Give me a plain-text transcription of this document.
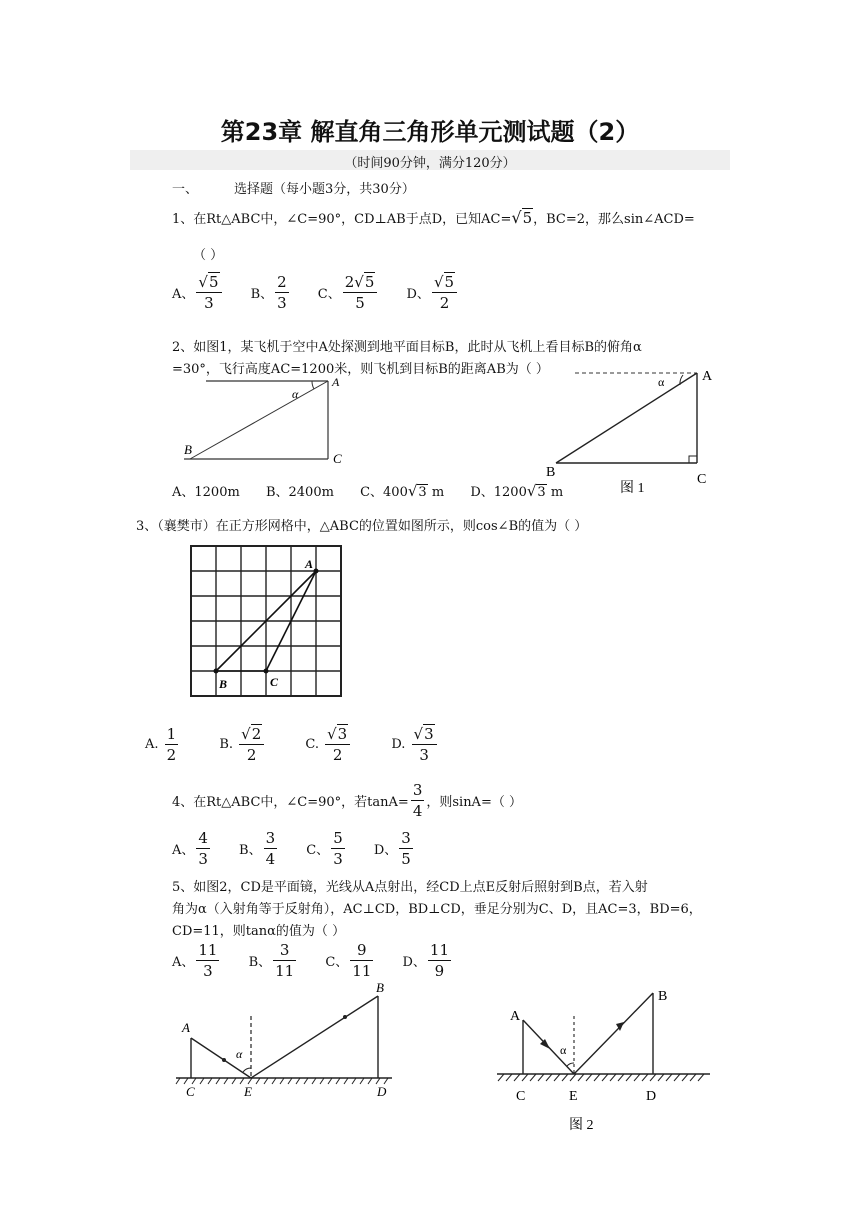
第23章 解直角三角形单元测试题（2）
（时间90分钟，满分120分）
一、	选择题（每小题3分，共30分）
1、在Rt△ABC中，∠C=90°，CD⊥AB于点D，已知AC=√5，BC=2，那么sin∠ACD=
（ ）
A、 $\frac{√5}{3}$ B、 $\frac{2}{3}$ C、 $\frac{2√5}{5}$ D、 $\frac{√5}{2}$
2、如图1，某飞机于空中A处探测到地平面目标B，此时从飞机上看目标B的俯角α
=30°，飞行高度AC=1200米，则飞机到目标B的距离AB为（ ）
A
B
C
α
A
B	C
α
图 1
A、1200m B、2400m C、400√3 m D、1200√3 m
3、（襄樊市）在正方形网格中，△ABC的位置如图所示，则cos∠B的值为（ ）
A
B	C
A. $\frac{1}{2}$	B. $\frac{√2}{2}$	C. $\frac{√3}{2}$	D. $\frac{√3}{3}$
4、在Rt△ABC中，∠C=90°，若$\tan A= \frac{3}{4}$ ，则sinA=（ ）
A、 $\frac{4}{3}$ B、 $\frac{3}{4}$ C、 $\frac{5}{3}$ D、 $\frac{3}{5}$
5、如图2，CD是平面镜，光线从A点射出，经CD上点E反射后照射到B点，若入射
角为α（入射角等于反射角），AC⊥CD，BD⊥CD，垂足分别为C、D，且AC=3，BD=6，
CD=11，则tanα的值为（ ）
A、 $\frac{11}{3}$ B、 $\frac{3}{11}$ C、 $\frac{9}{11}$ D、 $\frac{11}{9}$
A
B
C	D
E
α
A
B
C	D
E
α
图 2
